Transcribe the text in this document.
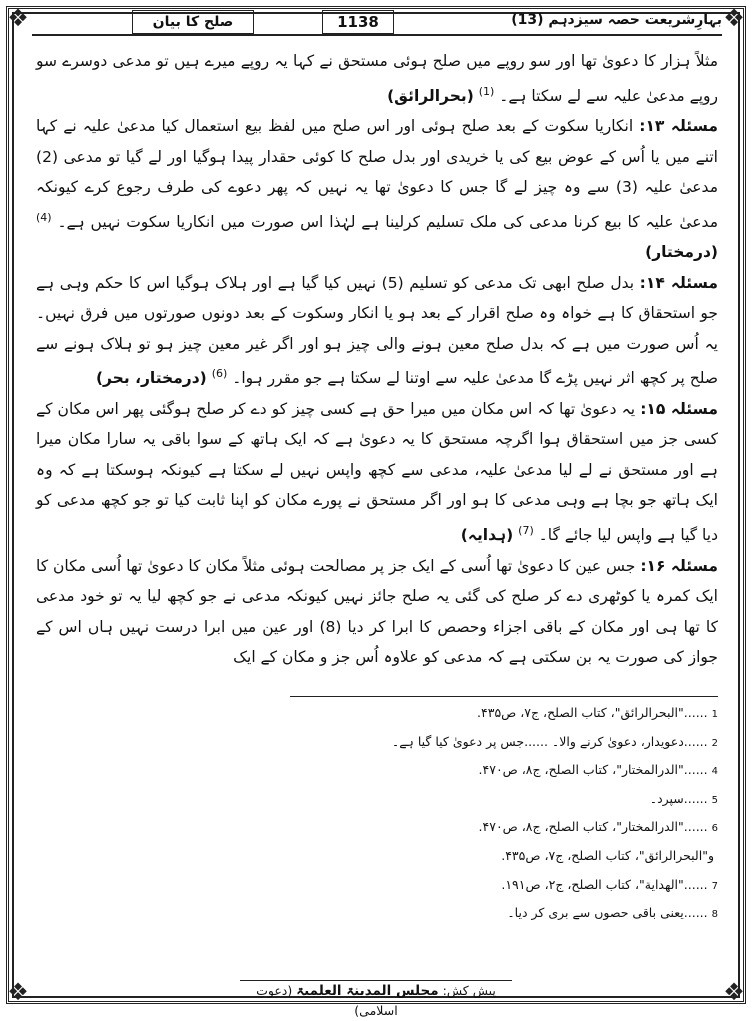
❖	❖
❖	❖
بہارِشریعت حصہ سیزدہم (13)
1138
صلح کا بیان

مثلاً ہزار کا دعویٰ تھا اور سو روپے میں صلح ہوئی مستحق نے کہا یہ روپے میرے ہیں تو مدعی دوسرے سو روپے مدعیٰ علیہ سے لے سکتا ہے۔ $^{(1)}$ (بحرالرائق)

مسئلہ ۱۳: انکاریا سکوت کے بعد صلح ہوئی اور اس صلح میں لفظ بیع استعمال کیا مدعیٰ علیہ نے کہا اتنے میں یا اُس کے عوض بیع کی یا خریدی اور بدل صلح کا کوئی حقدار پیدا ہوگیا اور لے گیا تو مدعی (2) مدعیٰ علیہ (3) سے وہ چیز لے گا جس کا دعویٰ تھا یہ نہیں کہ پھر دعوے کی طرف رجوع کرے کیونکہ مدعیٰ علیہ کا بیع کرنا مدعی کی ملک تسلیم کرلینا ہے لہٰذا اس صورت میں انکاریا سکوت نہیں ہے۔ $^{(4)}$ (درمختار)

مسئلہ ۱۴: بدل صلح ابھی تک مدعی کو تسلیم (5) نہیں کیا گیا ہے اور ہلاک ہوگیا اس کا حکم وہی ہے جو استحقاق کا ہے خواہ وہ صلح اقرار کے بعد ہو یا انکار وسکوت کے بعد دونوں صورتوں میں فرق نہیں۔ یہ اُس صورت میں ہے کہ بدل صلح معین ہونے والی چیز ہو اور اگر غیر معین چیز ہو تو ہلاک ہونے سے صلح پر کچھ اثر نہیں پڑے گا مدعیٰ علیہ سے اوتنا لے سکتا ہے جو مقرر ہوا۔ $^{(6)}$ (درمختار، بحر)

مسئلہ ۱۵: یہ دعویٰ تھا کہ اس مکان میں میرا حق ہے کسی چیز کو دے کر صلح ہوگئی پھر اس مکان کے کسی جز میں استحقاق ہوا اگرچہ مستحق کا یہ دعویٰ ہے کہ ایک ہاتھ کے سوا باقی یہ سارا مکان میرا ہے اور مستحق نے لے لیا مدعیٰ علیہ، مدعی سے کچھ واپس نہیں لے سکتا ہے کیونکہ ہوسکتا ہے کہ وہ ایک ہاتھ جو بچا ہے وہی مدعی کا ہو اور اگر مستحق نے پورے مکان کو اپنا ثابت کیا تو جو کچھ مدعی کو دیا گیا ہے واپس لیا جائے گا۔ $^{(7)}$ (ہدایہ)

مسئلہ ۱۶: جس عین کا دعویٰ تھا اُسی کے ایک جز پر مصالحت ہوئی مثلاً مکان کا دعویٰ تھا اُسی مکان کا ایک کمرہ یا کوٹھری دے کر صلح کی گئی یہ صلح جائز نہیں کیونکہ مدعی نے جو کچھ لیا یہ تو خود مدعی کا تھا ہی اور مکان کے باقی اجزاء وحصص کا ابرا کر دیا (8) اور عین میں ابرا درست نہیں ہاں اس کے جواز کی صورت یہ بن سکتی ہے کہ مدعی کو علاوہ اُس جز و مکان کے ایک

1......"البحرالرائق"، کتاب الصلح، ج۷، ص۴۳۵.

2......دعویدار، دعویٰ کرنے والا۔ ......جس پر دعویٰ کیا گیا ہے۔

4......"الدرالمختار"، کتاب الصلح، ج۸، ص۴۷۰.

5......سپرد۔

6......"الدرالمختار"، کتاب الصلح، ج۸، ص۴۷۰.

و"البحرالرائق"، کتاب الصلح، ج۷، ص۴۳۵.

7......"الهداية"، کتاب الصلح، ج۲، ص۱۹۱.

8......یعنی باقی حصوں سے بری کر دیا۔

پیش کش: مجلس المدینۃ العلمیۃ (دعوتِ اسلامی)
